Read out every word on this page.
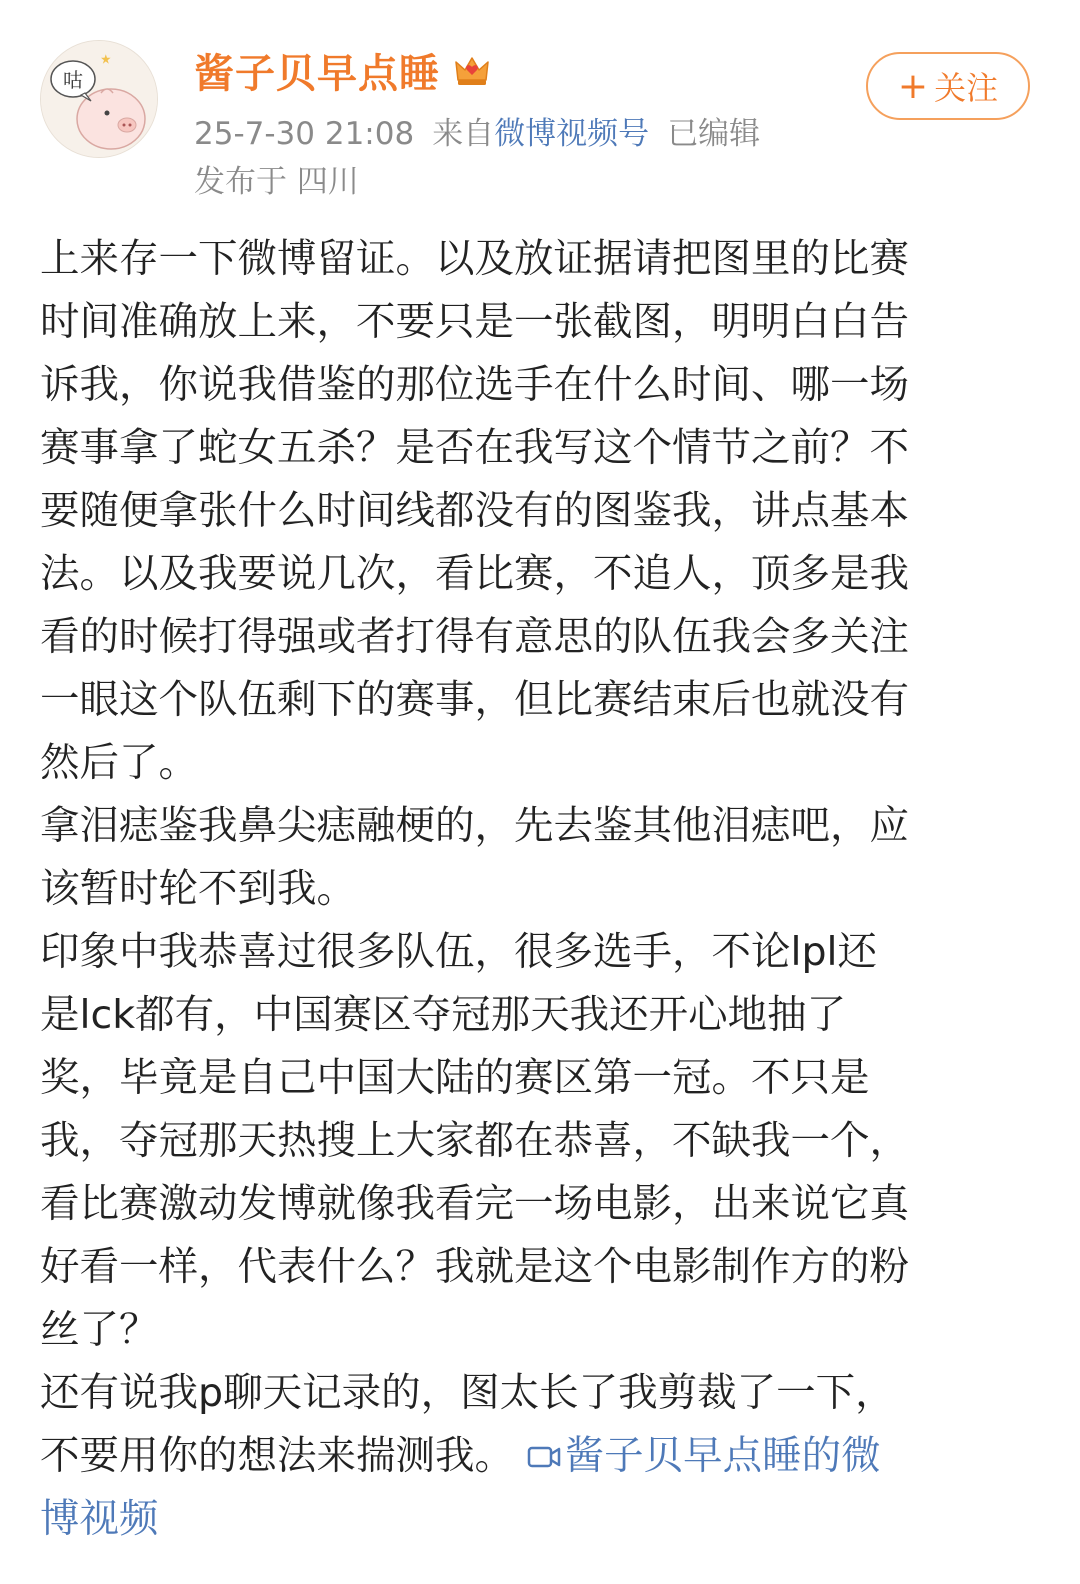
咕	酱子贝早点睡
25-7-30 21:08 来自微博视频号 已编辑
发布于 四川
+ 关注
上来存一下微博留证。以及放证据请把图里的比赛
时间准确放上来，不要只是一张截图，明明白白告
诉我，你说我借鉴的那位选手在什么时间、哪一场
赛事拿了蛇女五杀？是否在我写这个情节之前？不
要随便拿张什么时间线都没有的图鉴我，讲点基本
法。以及我要说几次，看比赛，不追人，顶多是我
看的时候打得强或者打得有意思的队伍我会多关注
一眼这个队伍剩下的赛事，但比赛结束后也就没有
然后了。
拿泪痣鉴我鼻尖痣融梗的，先去鉴其他泪痣吧，应
该暂时轮不到我。
印象中我恭喜过很多队伍，很多选手，不论lpl还
是lck都有，中国赛区夺冠那天我还开心地抽了
奖，毕竟是自己中国大陆的赛区第一冠。不只是
我，夺冠那天热搜上大家都在恭喜，不缺我一个，
看比赛激动发博就像我看完一场电影，出来说它真
好看一样，代表什么？我就是这个电影制作方的粉
丝了？
还有说我p聊天记录的，图太长了我剪裁了一下，
不要用你的想法来揣测我。 酱子贝早点睡的微
博视频
